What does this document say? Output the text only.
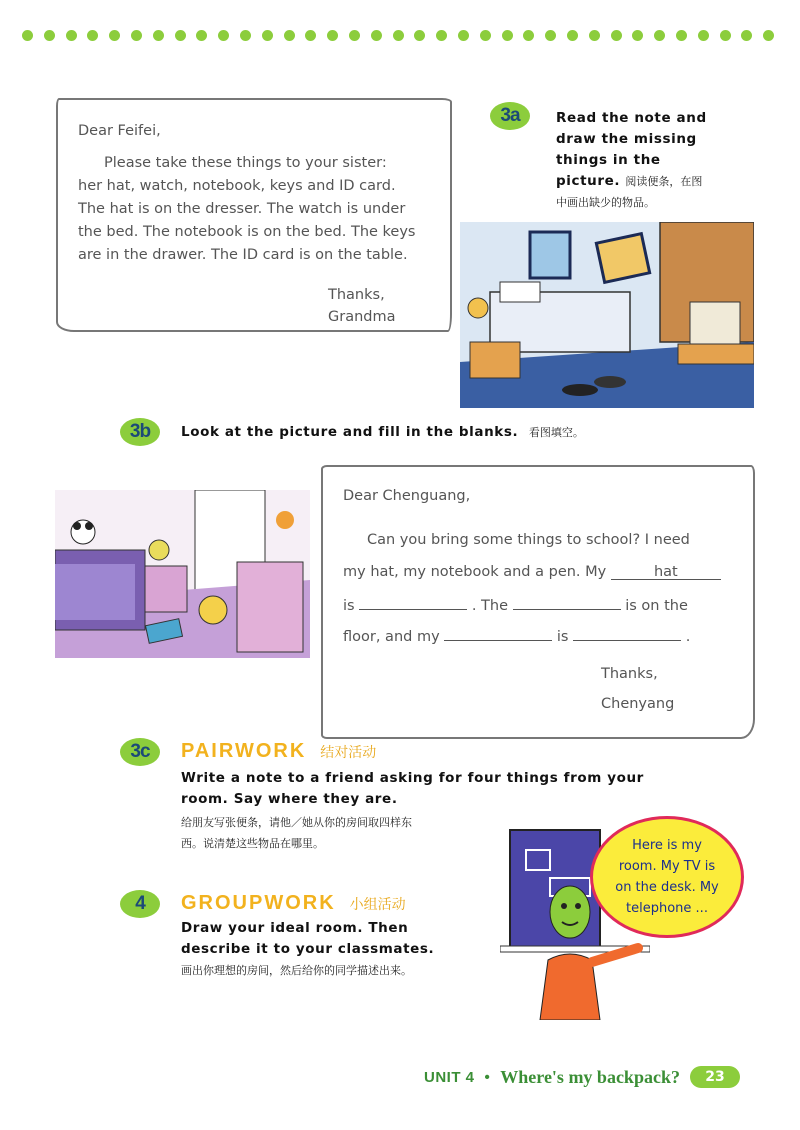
Dear Feifei,
Please take these things to your sister:
her hat, watch, notebook, keys and ID card.
The hat is on the dresser. The watch is under
the bed. The notebook is on the bed. The keys
are in the drawer. The ID card is on the table.
Thanks,
Grandma
3a	Read the note and
draw the missing
things in the
picture. 阅读便条，在图
中画出缺少的物品。
3b	Look at the picture and fill in the blanks. 看图填空。
Dear Chenguang,
Can you bring some things to school? I need
my hat, my notebook and a pen. My	hat
is	. The	is on the
floor, and my	is	.
Thanks,
Chenyang
3c	PAIRWORK 结对活动
Write a note to a friend asking for four things from your
room. Say where they are.
给朋友写张便条，请他／她从你的房间取四样东
西。说清楚这些物品在哪里。
4	GROUPWORK 小组活动
Draw your ideal room. Then
describe it to your classmates.
画出你理想的房间，然后给你的同学描述出来。
Here is my
room. My TV is
on the desk. My
telephone ...
UNIT 4 • Where's my backpack?	23
